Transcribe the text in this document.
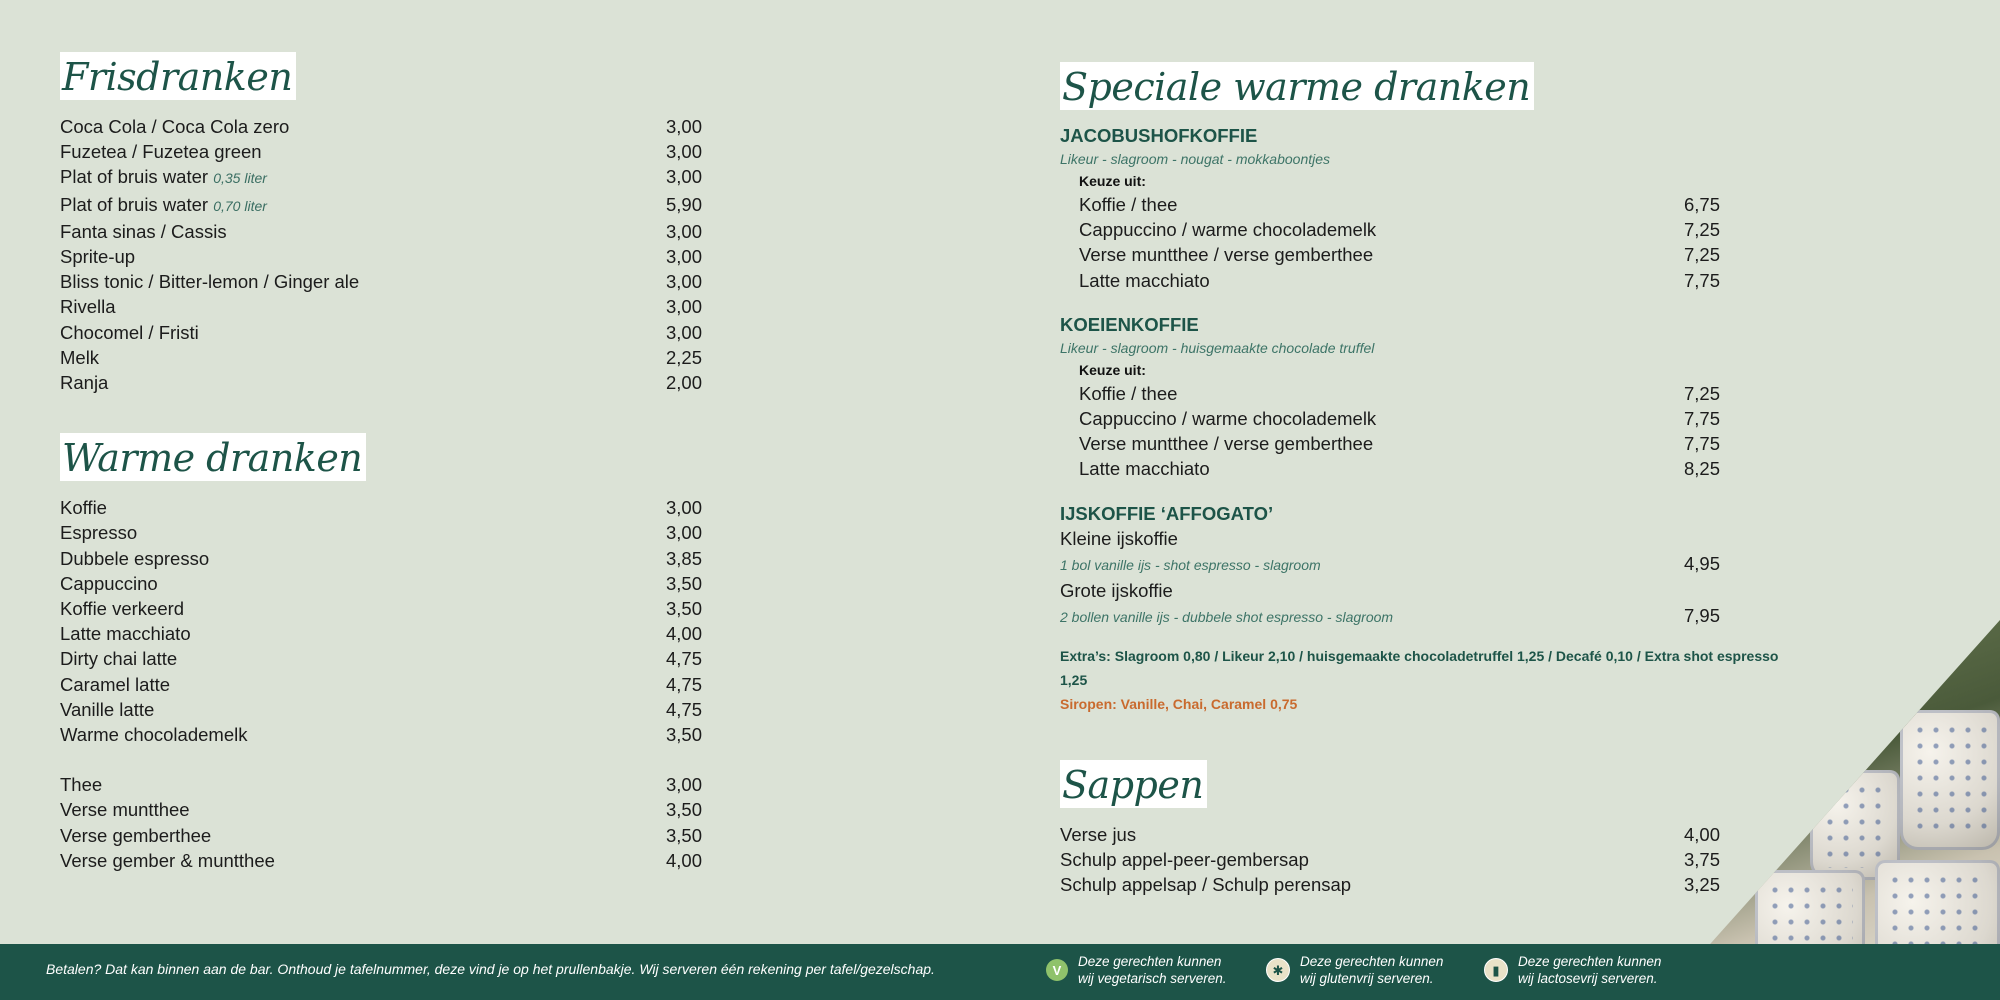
Frisdranken
Coca Cola / Coca Cola zero	3,00
Fuzetea / Fuzetea green	3,00
Plat of bruis water 0,35 liter	3,00
Plat of bruis water 0,70 liter	5,90
Fanta sinas / Cassis	3,00
Sprite-up	3,00
Bliss tonic / Bitter-lemon / Ginger ale	3,00
Rivella	3,00
Chocomel / Fristi	3,00
Melk	2,25
Ranja	2,00
Warme dranken
Koffie	3,00
Espresso	3,00
Dubbele espresso	3,85
Cappuccino	3,50
Koffie verkeerd	3,50
Latte macchiato	4,00
Dirty chai latte	4,75
Caramel latte	4,75
Vanille latte	4,75
Warme chocolademelk	3,50
Thee	3,00
Verse muntthee	3,50
Verse gemberthee	3,50
Verse gember & muntthee	4,00
Speciale warme dranken
JACOBUSHOFKOFFIE
Likeur - slagroom - nougat - mokkaboontjes
Keuze uit:
Koffie / thee	6,75
Cappuccino / warme chocolademelk	7,25
Verse muntthee / verse gemberthee	7,25
Latte macchiato	7,75
KOEIENKOFFIE
Likeur - slagroom - huisgemaakte chocolade truffel
Keuze uit:
Koffie / thee	7,25
Cappuccino / warme chocolademelk	7,75
Verse muntthee / verse gemberthee	7,75
Latte macchiato	8,25
IJSKOFFIE ‘AFFOGATO’
Kleine ijskoffie
1 bol vanille ijs - shot espresso - slagroom	4,95
Grote ijskoffie
2 bollen vanille ijs - dubbele shot espresso - slagroom	7,95
Extra’s: Slagroom 0,80 / Likeur 2,10 / huisgemaakte chocoladetruffel 1,25 / Decafé 0,10 / Extra shot espresso 1,25
Siropen: Vanille, Chai, Caramel 0,75
Sappen
Verse jus	4,00
Schulp appel-peer-gembersap	3,75
Schulp appelsap / Schulp perensap	3,25
Betalen? Dat kan binnen aan de bar. Onthoud je tafelnummer, deze vind je op het prullenbakje. Wij serveren één rekening per tafel/gezelschap.	V
Deze gerechten kunnen
wij vegetarisch serveren.
✱
Deze gerechten kunnen
wij glutenvrij serveren.
▮
Deze gerechten kunnen
wij lactosevrij serveren.
